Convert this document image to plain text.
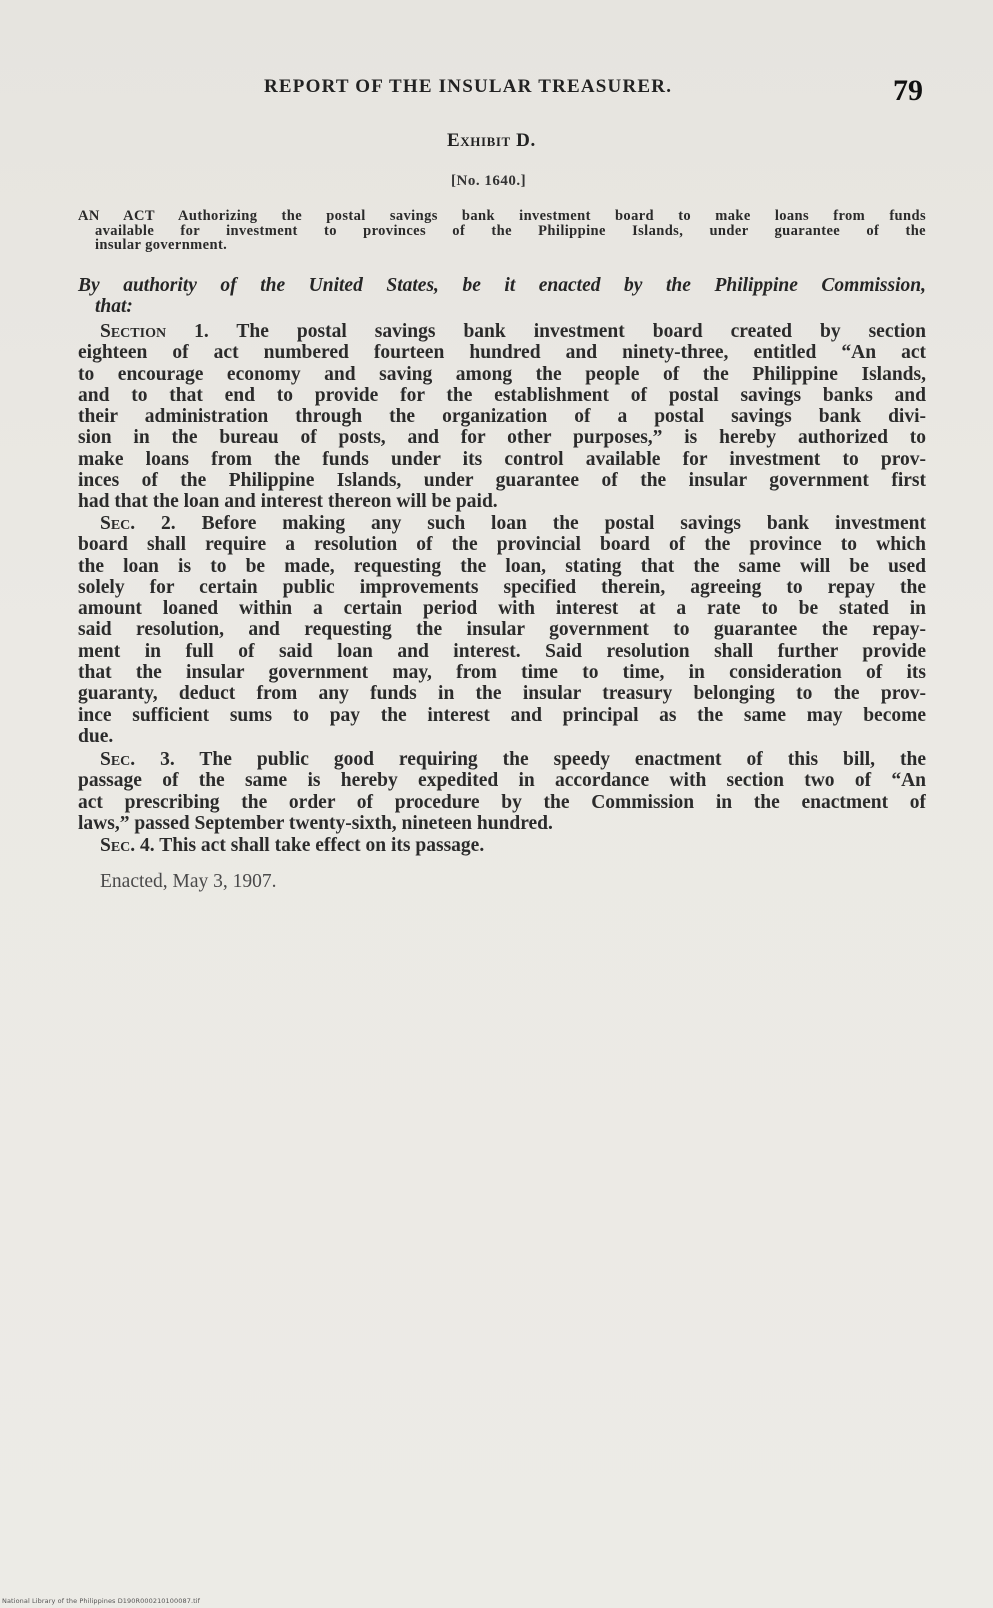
REPORT OF THE INSULAR TREASURER.	79
Exhibit D.
[No. 1640.]
AN ACT Authorizing the postal savings bank investment board to make loans from funds
available for investment to provinces of the Philippine Islands, under guarantee of the
insular government.
By authority of the United States, be it enacted by the Philippine Commission,
that:
Section 1. The postal savings bank investment board created by section
eighteen of act numbered fourteen hundred and ninety-three, entitled “An act
to encourage economy and saving among the people of the Philippine Islands,
and to that end to provide for the establishment of postal savings banks and
their administration through the organization of a postal savings bank divi-
sion in the bureau of posts, and for other purposes,” is hereby authorized to
make loans from the funds under its control available for investment to prov-
inces of the Philippine Islands, under guarantee of the insular government first
had that the loan and interest thereon will be paid.
Sec. 2. Before making any such loan the postal savings bank investment
board shall require a resolution of the provincial board of the province to which
the loan is to be made, requesting the loan, stating that the same will be used
solely for certain public improvements specified therein, agreeing to repay the
amount loaned within a certain period with interest at a rate to be stated in
said resolution, and requesting the insular government to guarantee the repay-
ment in full of said loan and interest. Said resolution shall further provide
that the insular government may, from time to time, in consideration of its
guaranty, deduct from any funds in the insular treasury belonging to the prov-
ince sufficient sums to pay the interest and principal as the same may become
due.
Sec. 3. The public good requiring the speedy enactment of this bill, the
passage of the same is hereby expedited in accordance with section two of “An
act prescribing the order of procedure by the Commission in the enactment of
laws,” passed September twenty-sixth, nineteen hundred.
Sec. 4. This act shall take effect on its passage.
Enacted, May 3, 1907.
National Library of the Philippines D190R000210100087.tif
